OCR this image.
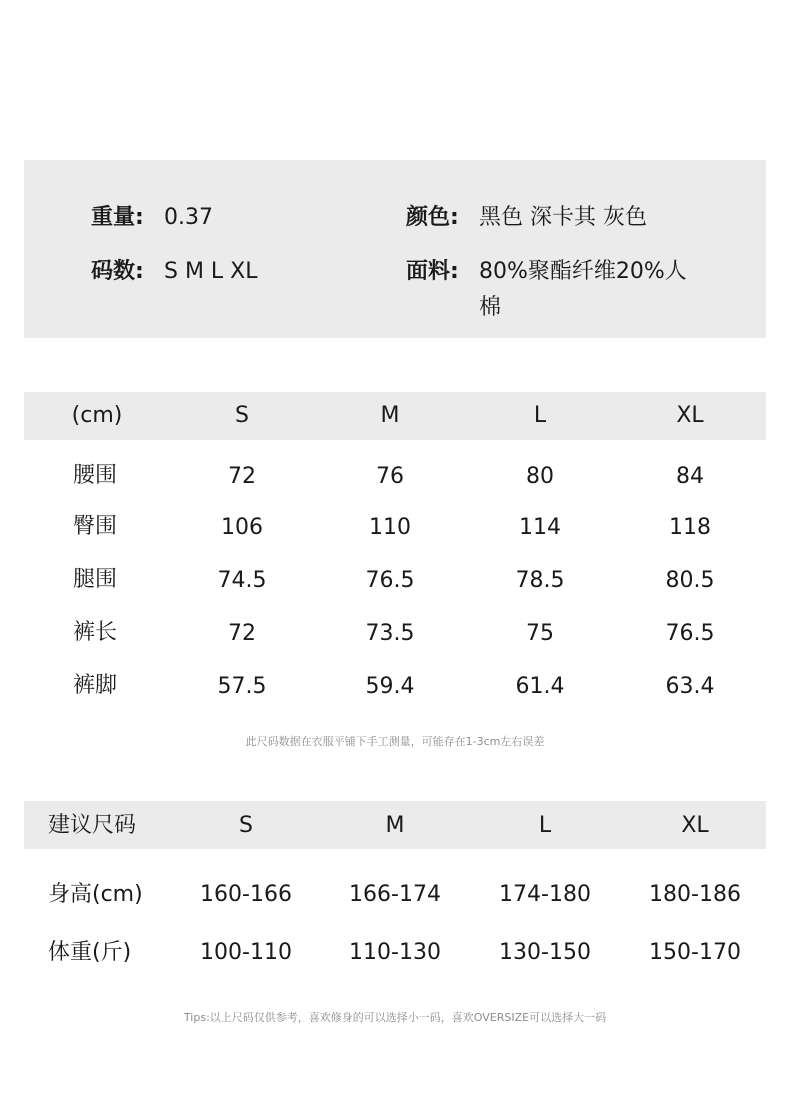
重量: 0.37
码数: S M L XL
颜色: 黑色 深卡其 灰色
面料: 80%聚酯纤维20%人
棉
(cm)	S	M	L	XL
腰围	72	76	80	84
臀围	106	110	114	118
腿围	74.5	76.5	78.5	80.5
裤长	72	73.5	75	76.5
裤脚	57.5	59.4	61.4	63.4
此尺码数据在衣服平铺下手工测量，可能存在1-3cm左右误差
建议尺码	S	M	L	XL
身高(cm)	160-166	166-174	174-180	180-186
体重(斤)	100-110	110-130	130-150	150-170
Tips:以上尺码仅供参考，喜欢修身的可以选择小一码，喜欢OVERSIZE可以选择大一码
